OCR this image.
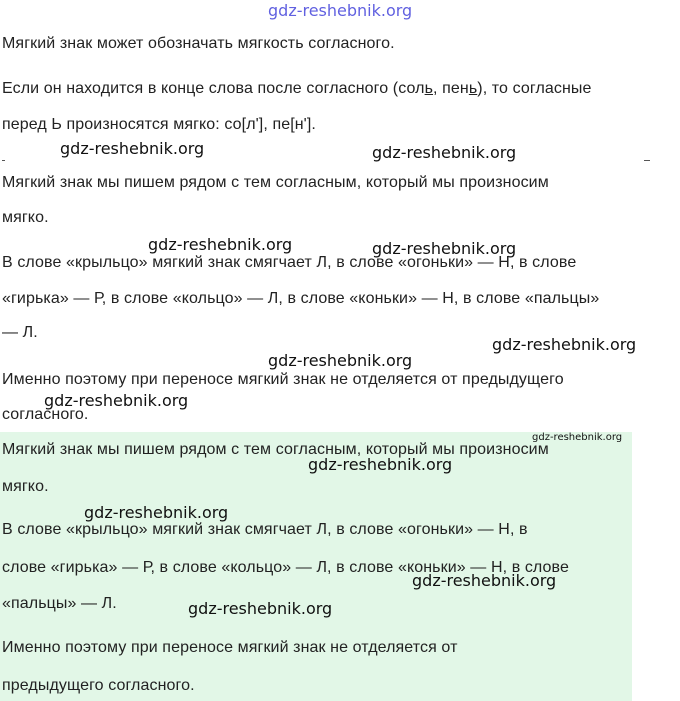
gdz-reshebnik.org
Мягкий знак может обозначать мягкость согласного.
Если он находится в конце слова после согласного (соль, пень), то согласные
перед Ь произносятся мягко: со[л'], пе[н'].
gdz-reshebnik.org	gdz-reshebnik.org
Мягкий знак мы пишем рядом с тем согласным, который мы произносим
мягко.
gdz-reshebnik.org	gdz-reshebnik.org
В слове «крыльцо» мягкий знак смягчает Л, в слове «огоньки» — Н, в слове
«гирька» — Р, в слове «кольцо» — Л, в слове «коньки» — Н, в слове «пальцы»
— Л.
gdz-reshebnik.org
gdz-reshebnik.org
Именно поэтому при переносе мягкий знак не отделяется от предыдущего
gdz-reshebnik.org
согласного.
gdz-reshebnik.org
Мягкий знак мы пишем рядом с тем согласным, который мы произносим
gdz-reshebnik.org
мягко.
gdz-reshebnik.org
В слове «крыльцо» мягкий знак смягчает Л, в слове «огоньки» — Н, в
слове «гирька» — Р, в слове «кольцо» — Л, в слове «коньки» — Н, в слове
gdz-reshebnik.org
«пальцы» — Л.	gdz-reshebnik.org
Именно поэтому при переносе мягкий знак не отделяется от
предыдущего согласного.
